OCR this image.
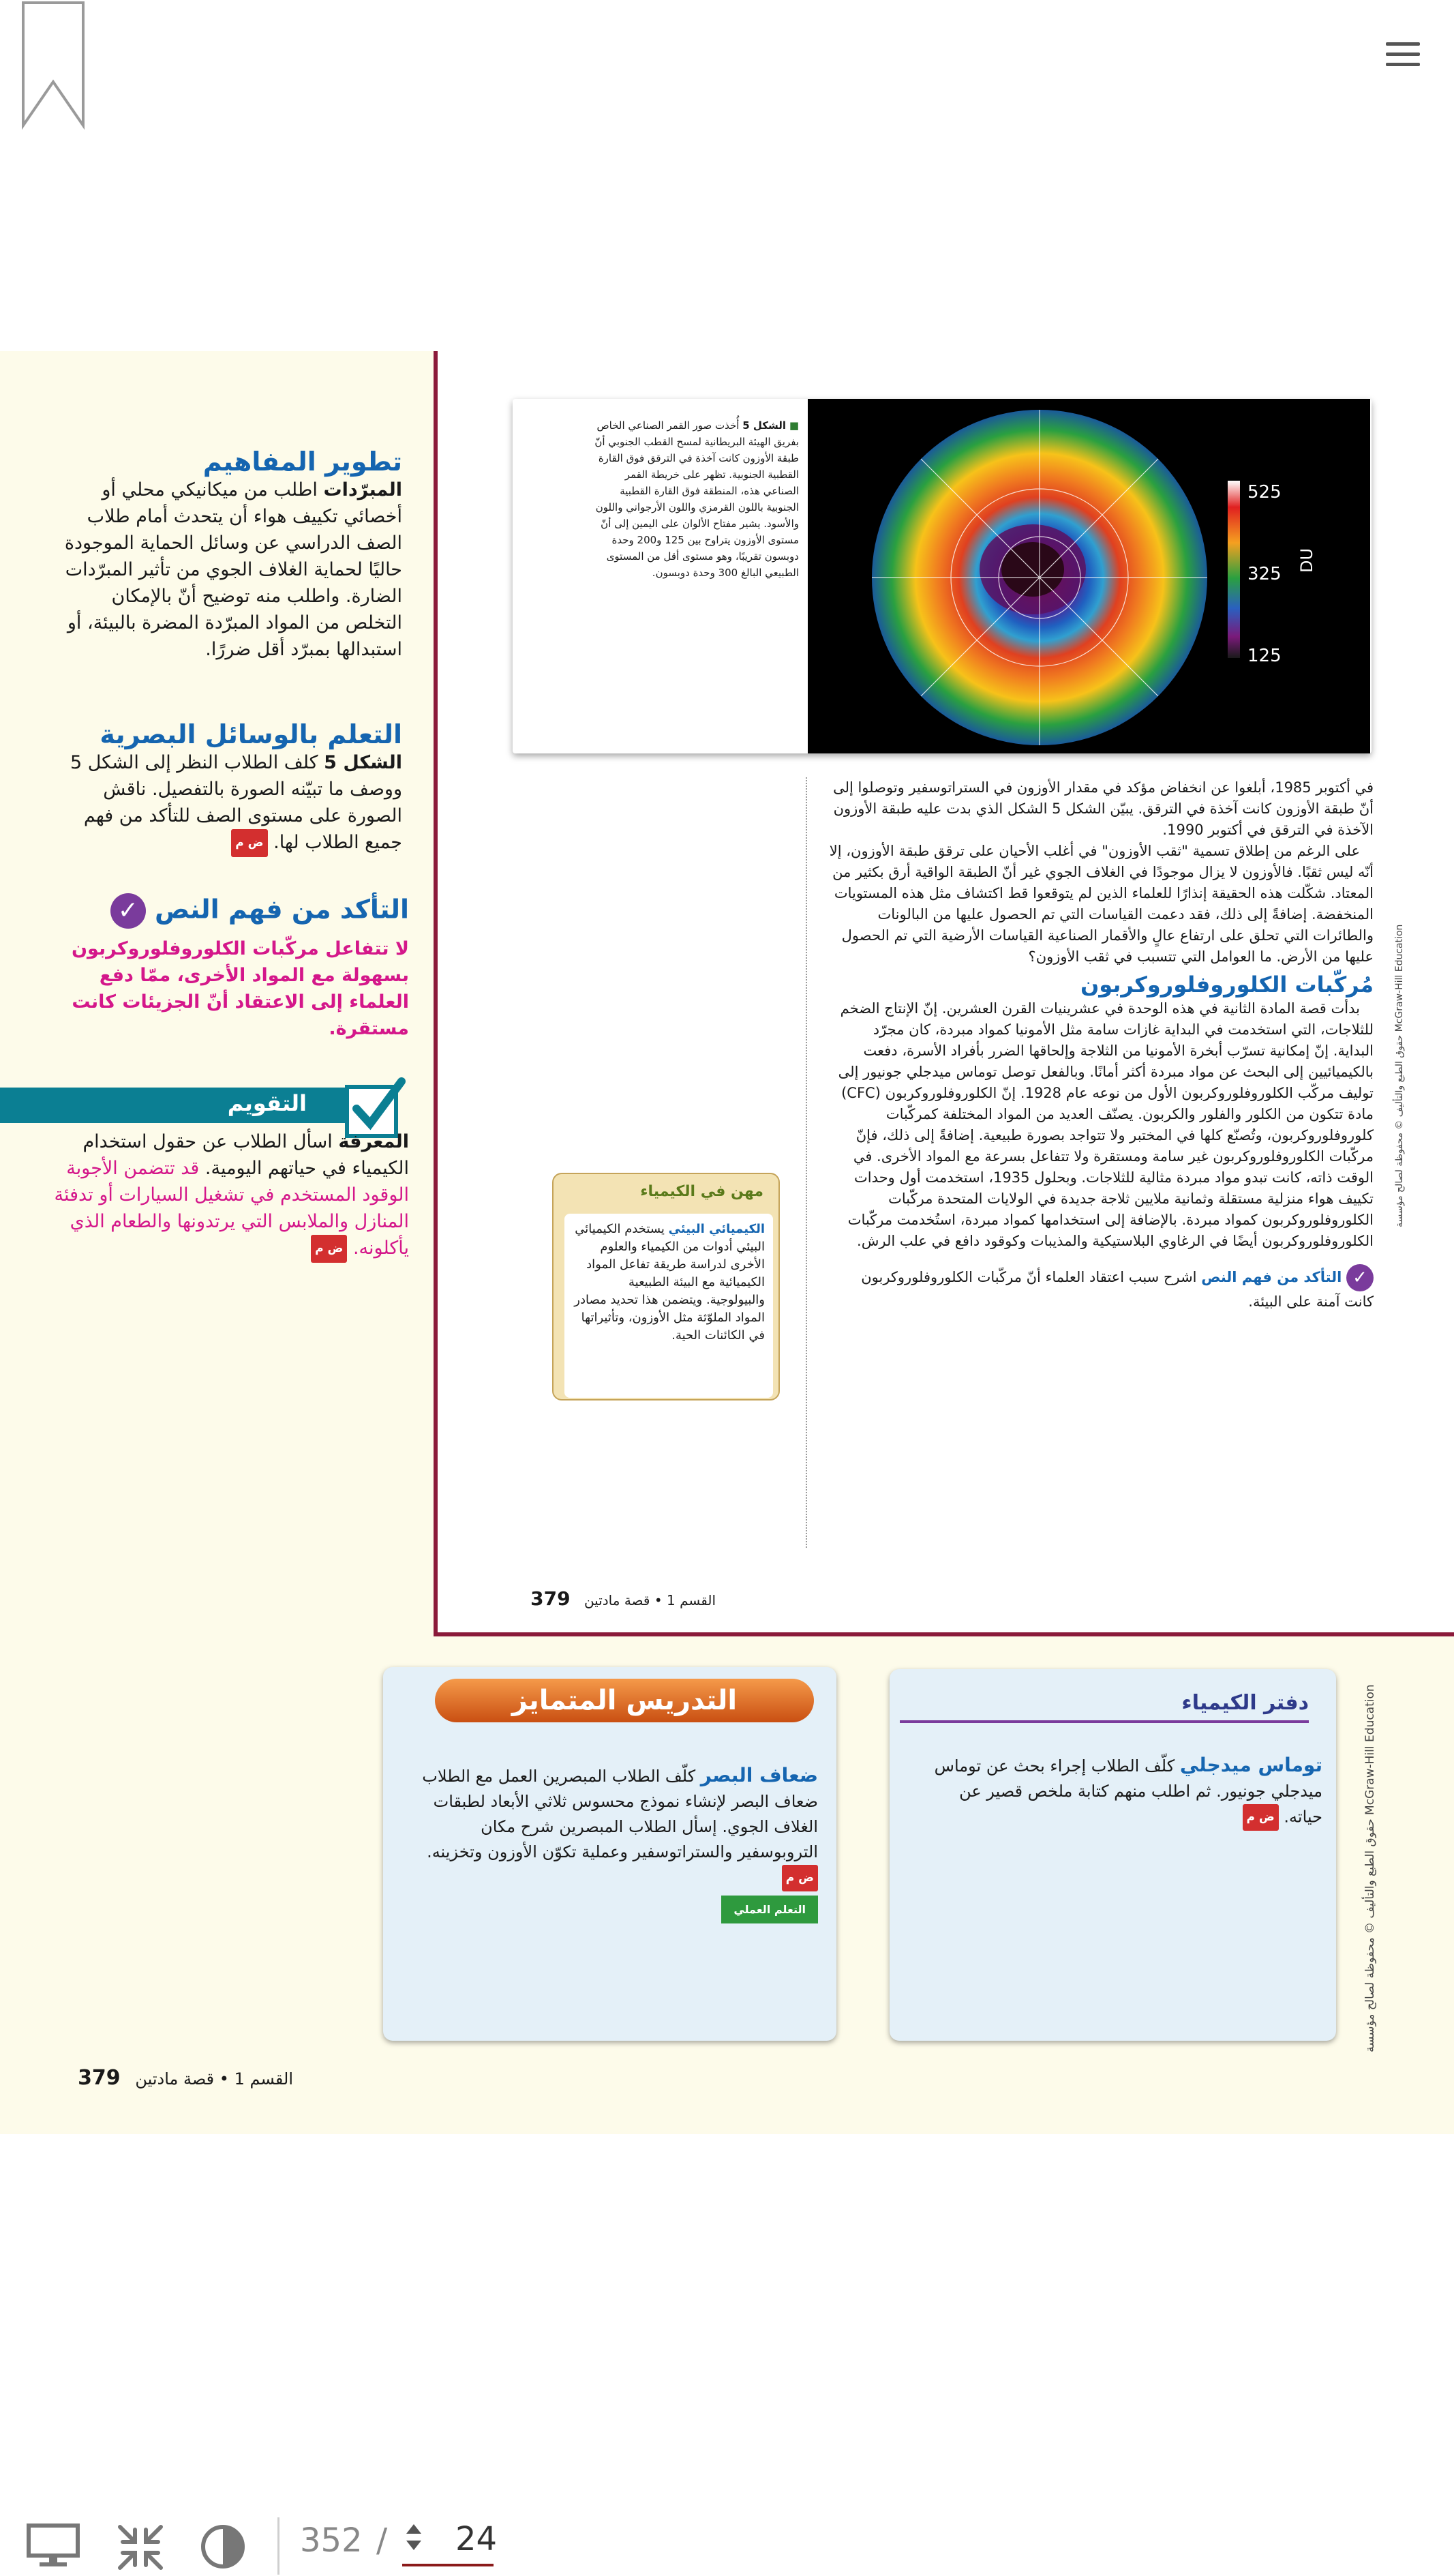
تطوير المفاهيم
المبرّدات اطلب من ميكانيكي محلي أو أخصائي تكييف هواء أن يتحدث أمام طلاب الصف الدراسي عن وسائل الحماية الموجودة حاليًا لحماية الغلاف الجوي من تأثير المبرّدات الضارة. واطلب منه توضيح أنّ بالإمكان التخلص من المواد المبرّدة المضرة بالبيئة، أو استبدالها بمبرّد أقل ضررًا.
التعلم بالوسائل البصرية
الشكل 5 كلف الطلاب النظر إلى الشكل 5 ووصف ما تبيّنه الصورة بالتفصيل. ناقش الصورة على مستوى الصف للتأكد من فهم جميع الطلاب لها. ض م
التأكد من فهم النص ✓
لا تتفاعل مركّبات الكلوروفلوروكربون بسهولة مع المواد الأخرى، ممّا دفع العلماء إلى الاعتقاد أنّ الجزيئات كانت مستقرة.
التقويم
المعرفة اسأل الطلاب عن حقول استخدام الكيمياء في حياتهم اليومية. قد تتضمن الأجوبة الوقود المستخدم في تشغيل السيارات أو تدفئة المنازل والملابس التي يرتدونها والطعام الذي يأكلونه. ض م
■ الشكل 5 أُخذت صور القمر الصناعي الخاص بفريق الهيئة البريطانية لمسح القطب الجنوبي أنّ طبقة الأوزون كانت آخذة في الترقق فوق القارة القطبية الجنوبية. تظهر على خريطة القمر الصناعي هذه، المنطقة فوق القارة القطبية الجنوبية باللون القرمزي واللون الأرجواني واللون والأسود. يشير مفتاح الألوان على اليمين إلى أنّ مستوى الأوزون يتراوح بين 125 و200 وحدة دوبسون تقريبًا، وهو مستوى أقل من المستوى الطبيعي البالغ 300 وحدة دوبسون.
525
325
125
DU
في أكتوبر 1985، أبلغوا عن انخفاض مؤكد في مقدار الأوزون في الستراتوسفير وتوصلوا إلى أنّ طبقة الأوزون كانت آخذة في الترقق. يبيّن الشكل 5 الشكل الذي بدت عليه طبقة الأوزون الآخذة في الترقق في أكتوبر 1990.
على الرغم من إطلاق تسمية "ثقب الأوزون" في أغلب الأحيان على ترقق طبقة الأوزون، إلا أنّه ليس ثقبًا. فالأوزون لا يزال موجودًا في الغلاف الجوي غير أنّ الطبقة الواقية أرق بكثير من المعتاد. شكّلت هذه الحقيقة إنذارًا للعلماء الذين لم يتوقعوا قط اكتشاف مثل هذه المستويات المنخفضة. إضافةً إلى ذلك، فقد دعمت القياسات التي تم الحصول عليها من البالونات والطائرات التي تحلق على ارتفاع عالٍ والأقمار الصناعية القياسات الأرضية التي تم الحصول عليها من الأرض. ما العوامل التي تتسبب في ثقب الأوزون؟
مُركّبات الكلوروفلوروكربون
بدأت قصة المادة الثانية في هذه الوحدة في عشرينيات القرن العشرين. إنّ الإنتاج الضخم للثلاجات، التي استخدمت في البداية غازات سامة مثل الأمونيا كمواد مبردة، كان مجرّد البداية. إنّ إمكانية تسرّب أبخرة الأمونيا من الثلاجة وإلحاقها الضرر بأفراد الأسرة، دفعت بالكيميائيين إلى البحث عن مواد مبردة أكثر أمانًا. وبالفعل توصل توماس ميدجلي جونيور إلى توليف مركّب الكلوروفلوروكربون الأول من نوعه عام 1928. إنّ الكلوروفلوروكربون (CFC) مادة تتكون من الكلور والفلور والكربون. يصنّف العديد من المواد المختلفة كمركّبات كلوروفلوروكربون، وتُصنّع كلها في المختبر ولا تتواجد بصورة طبيعية. إضافةً إلى ذلك، فإنّ مركّبات الكلوروفلوروكربون غير سامة ومستقرة ولا تتفاعل بسرعة مع المواد الأخرى. في الوقت ذاته، كانت تبدو مواد مبردة مثالية للثلاجات. وبحلول 1935، استخدمت أول وحدات تكييف هواء منزلية مستقلة وثمانية ملايين ثلاجة جديدة في الولايات المتحدة مركّبات الكلوروفلوروكربون كمواد مبردة. بالإضافة إلى استخدامها كمواد مبردة، استُخدمت مركّبات الكلوروفلوروكربون أيضًا في الرغاوي البلاستيكية والمذيبات وكوقود دافع في علب الرش.
✓ التأكد من فهم النص اشرح سبب اعتقاد العلماء أنّ مركّبات الكلوروفلوروكربون كانت آمنة على البيئة.
حقوق الطبع والتأليف © محفوظة لصالح مؤسسة McGraw-Hill Education
مهن في الكيمياء
الكيميائي البيئي يستخدم الكيميائي البيئي أدوات من الكيمياء والعلوم الأخرى لدراسة طريقة تفاعل المواد الكيميائية مع البيئة الطبيعية والبيولوجية. ويتضمن هذا تحديد مصادر المواد الملوّثة مثل الأوزون، وتأثيراتها في الكائنات الحية.
القسم 1 • قصة مادتين 379
التدريس المتمايز
ضعاف البصر كلّف الطلاب المبصرين العمل مع الطلاب ضعاف البصر لإنشاء نموذج محسوس ثلاثي الأبعاد لطبقات الغلاف الجوي. إسأل الطلاب المبصرين شرح مكان التروبوسفير والستراتوسفير وعملية تكوّن الأوزون وتخزينه. ض م
التعلم العملي
دفتر الكيمياء
توماس ميدجلي كلّف الطلاب إجراء بحث عن توماس ميدجلي جونيور. ثم اطلب منهم كتابة ملخص قصير عن حياته. ض م
حقوق الطبع والتأليف © محفوظة لصالح مؤسسة McGraw-Hill Education
القسم 1 • قصة مادتين 379
352 / 24
